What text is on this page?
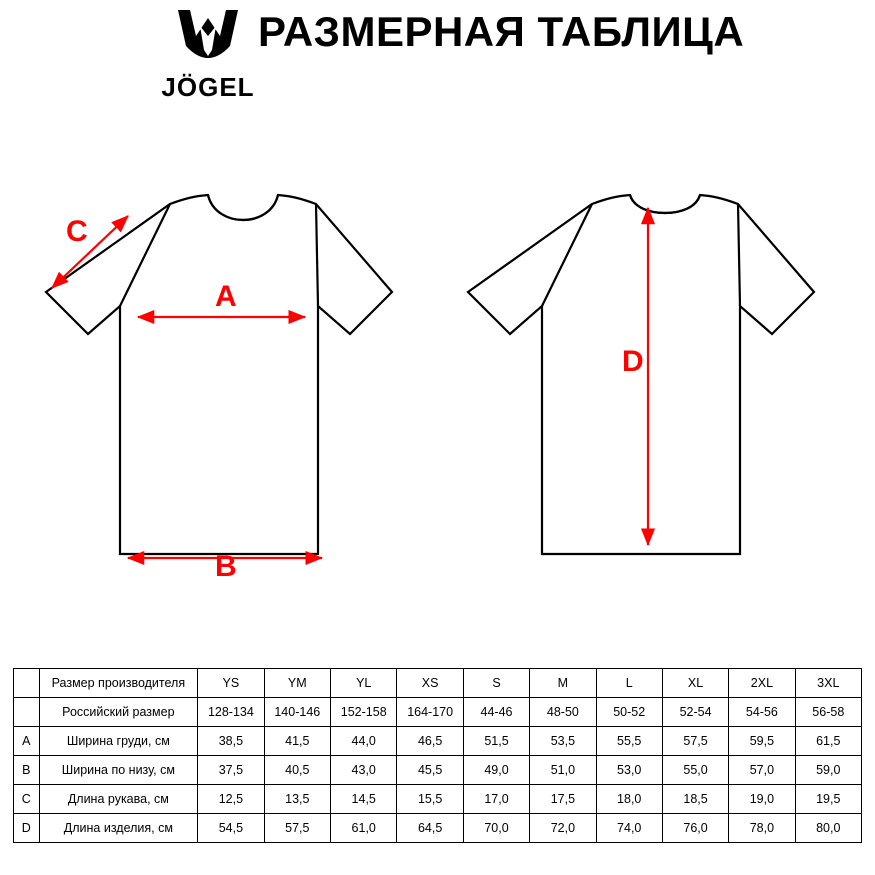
JÖGEL
РАЗМЕРНАЯ ТАБЛИЦА
A
B
C
D
	Размер производителя	YS	YM	YL	XS	S	M	L	XL	2XL	3XL
	Российский размер	128-134	140-146	152-158	164-170	44-46	48-50	50-52	52-54	54-56	56-58
A	Ширина груди, см	38,5	41,5	44,0	46,5	51,5	53,5	55,5	57,5	59,5	61,5
B	Ширина по низу, см	37,5	40,5	43,0	45,5	49,0	51,0	53,0	55,0	57,0	59,0
C	Длина рукава, см	12,5	13,5	14,5	15,5	17,0	17,5	18,0	18,5	19,0	19,5
D	Длина изделия, см	54,5	57,5	61,0	64,5	70,0	72,0	74,0	76,0	78,0	80,0
